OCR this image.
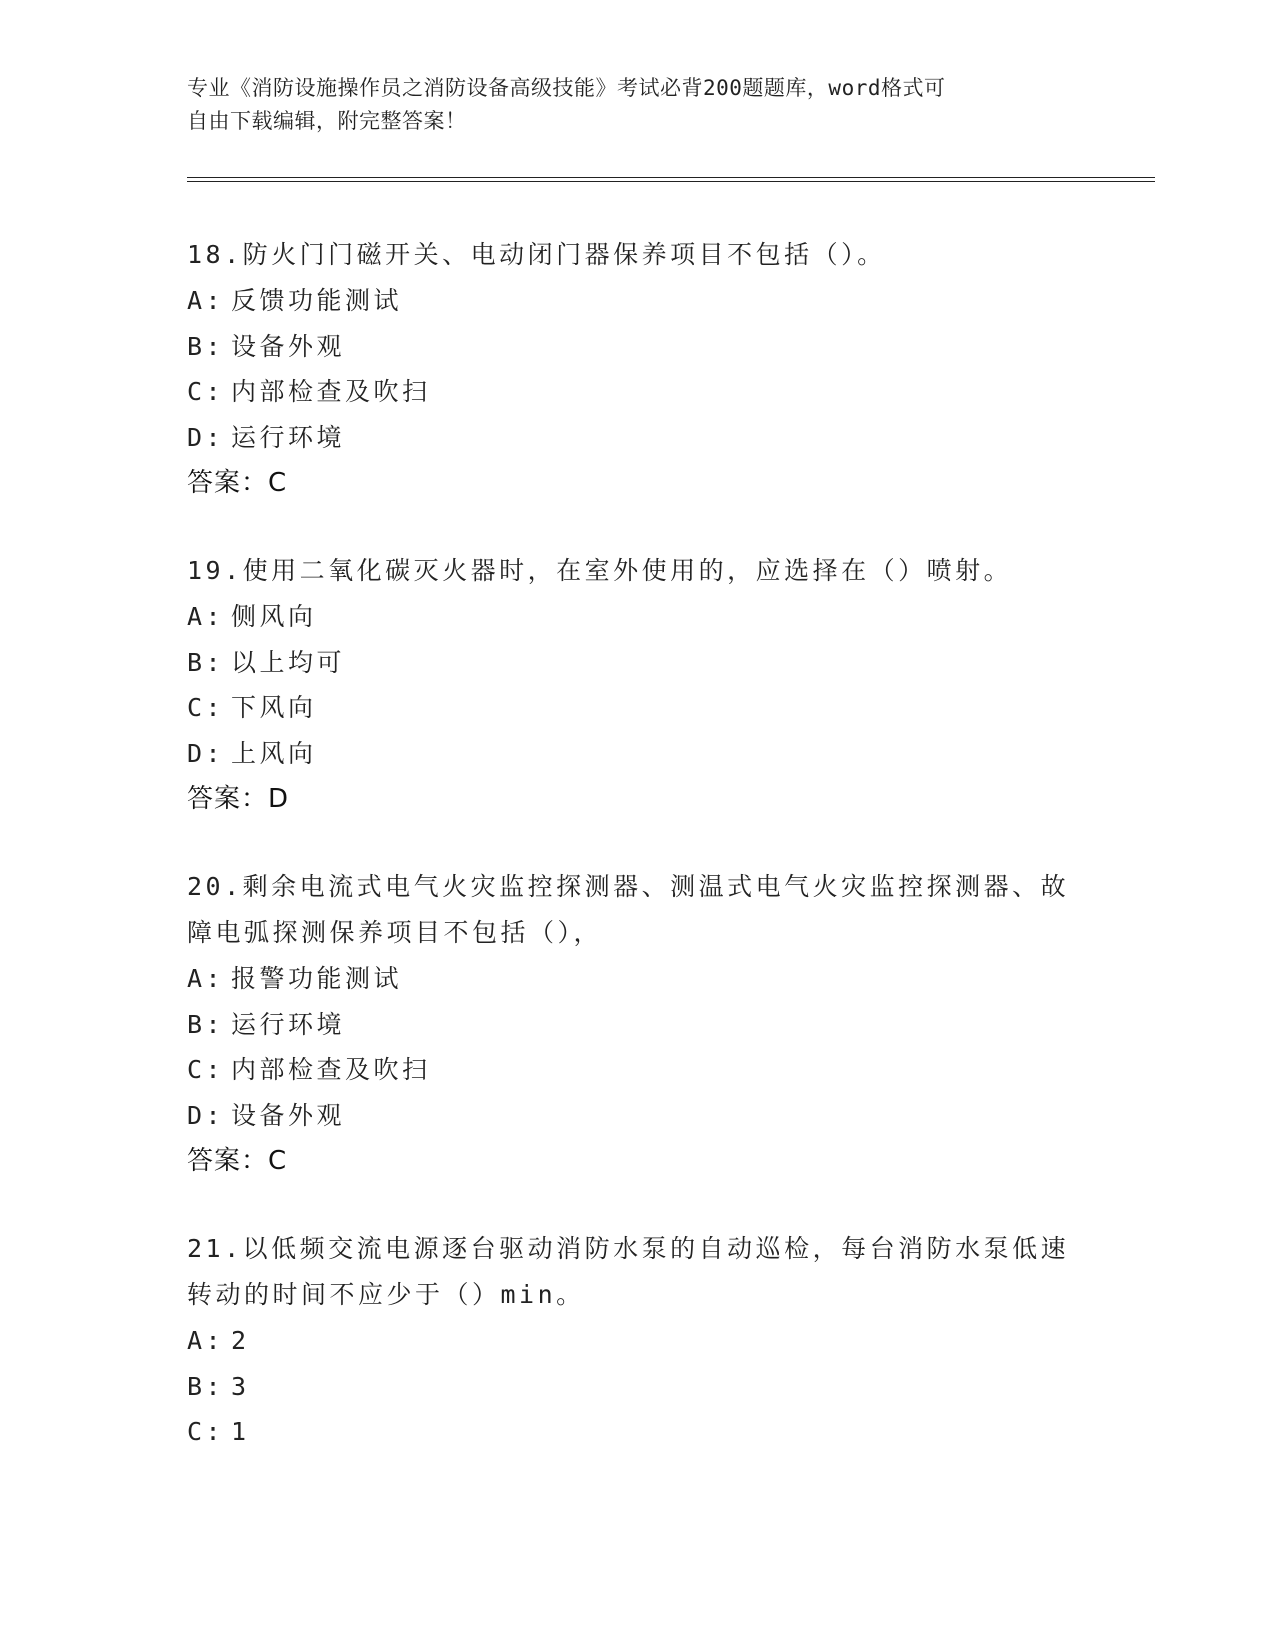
专业《消防设施操作员之消防设备高级技能》考试必背200题题库，word格式可
自由下载编辑，附完整答案！

18.防火门门磁开关、电动闭门器保养项目不包括（）。

A: 反馈功能测试
B: 设备外观
C: 内部检查及吹扫
D: 运行环境
答案：C

19.使用二氧化碳灭火器时，在室外使用的，应选择在（）喷射。

A: 侧风向
B: 以上均可
C: 下风向
D: 上风向
答案：D

20.剩余电流式电气火灾监控探测器、测温式电气火灾监控探测器、故障电弧探测保养项目不包括（），

A: 报警功能测试
B: 运行环境
C: 内部检查及吹扫
D: 设备外观
答案：C

21.以低频交流电源逐台驱动消防水泵的自动巡检，每台消防水泵低速转动的时间不应少于（）min。

A: 2
B: 3
C: 1
